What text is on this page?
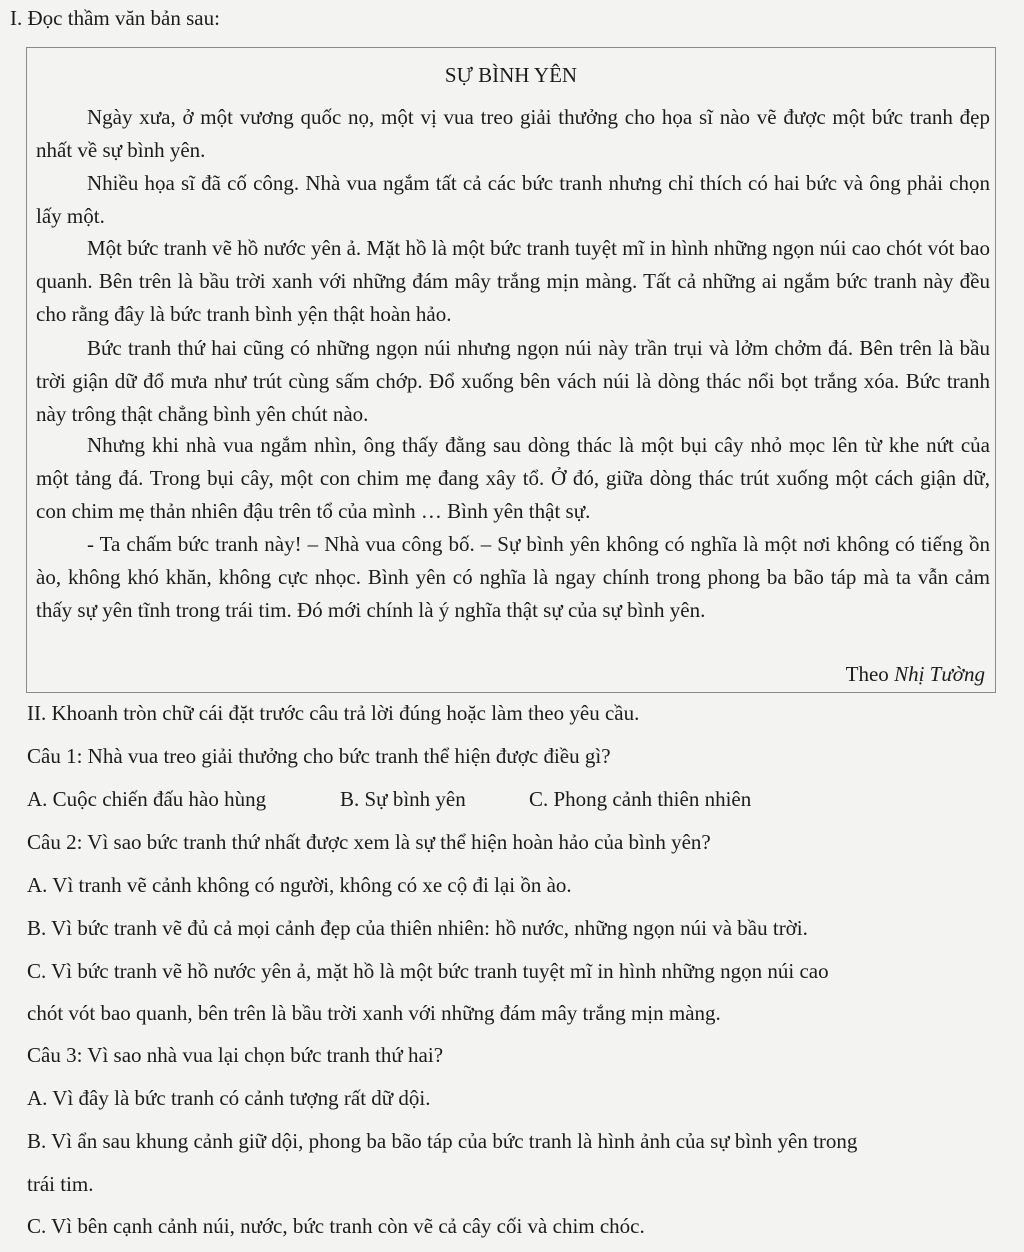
I. Đọc thầm văn bản sau:
SỰ BÌNH YÊN
Ngày xưa, ở một vương quốc nọ, một vị vua treo giải thưởng cho họa sĩ nào vẽ được một bức tranh đẹp nhất về sự bình yên.
Nhiều họa sĩ đã cố công. Nhà vua ngắm tất cả các bức tranh nhưng chỉ thích có hai bức và ông phải chọn lấy một.
Một bức tranh vẽ hồ nước yên ả. Mặt hồ là một bức tranh tuyệt mĩ in hình những ngọn núi cao chót vót bao quanh. Bên trên là bầu trời xanh với những đám mây trắng mịn màng. Tất cả những ai ngắm bức tranh này đều cho rằng đây là bức tranh bình yện thật hoàn hảo.
Bức tranh thứ hai cũng có những ngọn núi nhưng ngọn núi này trần trụi và lởm chởm đá. Bên trên là bầu trời giận dữ đổ mưa như trút cùng sấm chớp. Đổ xuống bên vách núi là dòng thác nổi bọt trắng xóa. Bức tranh này trông thật chẳng bình yên chút nào.
Nhưng khi nhà vua ngắm nhìn, ông thấy đằng sau dòng thác là một bụi cây nhỏ mọc lên từ khe nứt của một tảng đá. Trong bụi cây, một con chim mẹ đang xây tổ. Ở đó, giữa dòng thác trút xuống một cách giận dữ, con chim mẹ thản nhiên đậu trên tổ của mình … Bình yên thật sự.
- Ta chấm bức tranh này! – Nhà vua công bố. – Sự bình yên không có nghĩa là một nơi không có tiếng ồn ào, không khó khăn, không cực nhọc. Bình yên có nghĩa là ngay chính trong phong ba bão táp mà ta vẫn cảm thấy sự yên tĩnh trong trái tim. Đó mới chính là ý nghĩa thật sự của sự bình yên.
Theo Nhị Tường
II. Khoanh tròn chữ cái đặt trước câu trả lời đúng hoặc làm theo yêu cầu.
Câu 1: Nhà vua treo giải thưởng cho bức tranh thể hiện được điều gì?
A. Cuộc chiến đấu hào hùng	B. Sự bình yên	C. Phong cảnh thiên nhiên
Câu 2: Vì sao bức tranh thứ nhất được xem là sự thể hiện hoàn hảo của bình yên?
A. Vì tranh vẽ cảnh không có người, không có xe cộ đi lại ồn ào.
B. Vì bức tranh vẽ đủ cả mọi cảnh đẹp của thiên nhiên: hồ nước, những ngọn núi và bầu trời.
C. Vì bức tranh vẽ hồ nước yên ả, mặt hồ là một bức tranh tuyệt mĩ in hình những ngọn núi cao
chót vót bao quanh, bên trên là bầu trời xanh với những đám mây trắng mịn màng.
Câu 3: Vì sao nhà vua lại chọn bức tranh thứ hai?
A. Vì đây là bức tranh có cảnh tượng rất dữ dội.
B. Vì ẩn sau khung cảnh giữ dội, phong ba bão táp của bức tranh là hình ảnh của sự bình yên trong
trái tim.
C. Vì bên cạnh cảnh núi, nước, bức tranh còn vẽ cả cây cối và chim chóc.
